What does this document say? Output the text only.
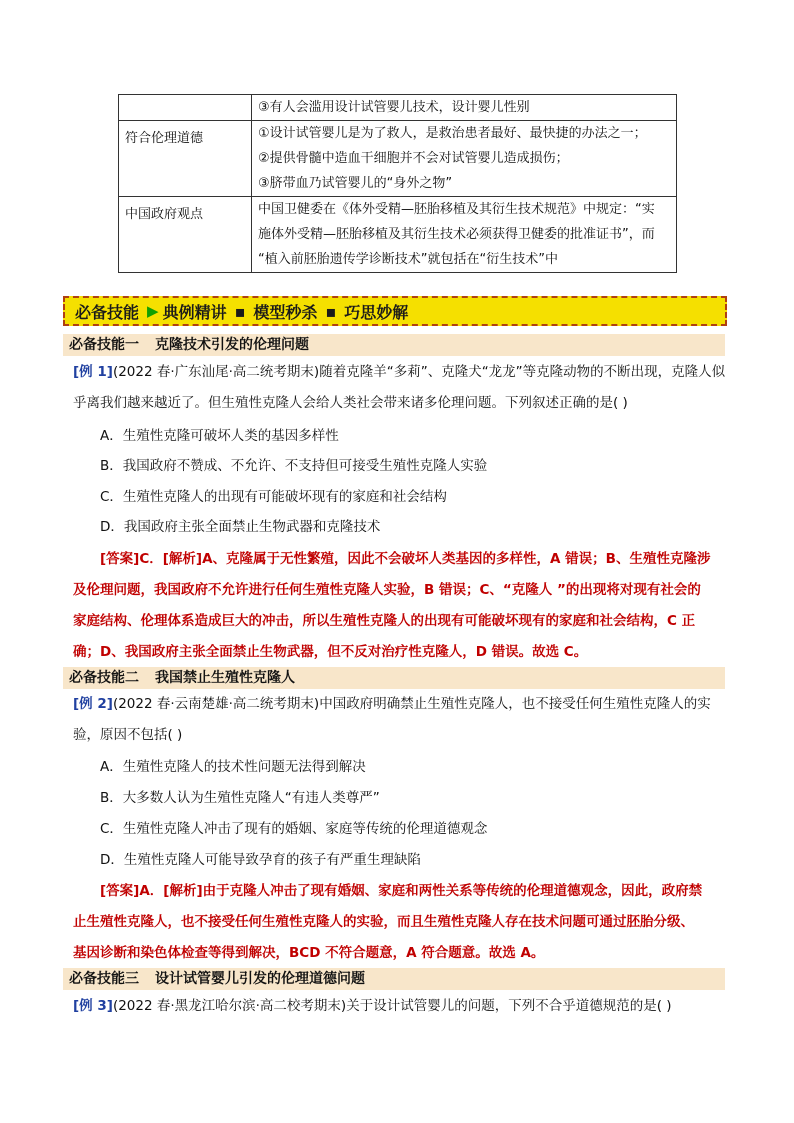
	③有人会滥用设计试管婴儿技术，设计婴儿性别

符合伦理道德	①设计试管婴儿是为了救人，是救治患者最好、最快捷的办法之一；
②提供骨髓中造血干细胞并不会对试管婴儿造成损伤；
③脐带血乃试管婴儿的“身外之物”

中国政府观点	中国卫健委在《体外受精—胚胎移植及其衍生技术规范》中规定：“实
施体外受精—胚胎移植及其衍生技术必须获得卫健委的批准证书”，而
“植入前胚胎遗传学诊断技术”就包括在“衍生技术”中
必备技能 ▶ 典例精讲 ▪ 模型秒杀 ▪ 巧思妙解
必备技能一 克隆技术引发的伦理问题
[例 1](2022 春·广东汕尾·高二统考期末)随着克隆羊“多莉”、克隆犬“龙龙”等克隆动物的不断出现，克隆人似
乎离我们越来越近了。但生殖性克隆人会给人类社会带来诸多伦理问题。下列叙述正确的是( )
A．生殖性克隆可破坏人类的基因多样性
B．我国政府不赞成、不允许、不支持但可接受生殖性克隆人实验
C．生殖性克隆人的出现有可能破坏现有的家庭和社会结构
D．我国政府主张全面禁止生物武器和克隆技术
[答案]C．[解析]A、克隆属于无性繁殖，因此不会破坏人类基因的多样性，A 错误；B、生殖性克隆涉
及伦理问题，我国政府不允许进行任何生殖性克隆人实验，B 错误；C、“克隆人 ”的出现将对现有社会的
家庭结构、伦理体系造成巨大的冲击，所以生殖性克隆人的出现有可能破坏现有的家庭和社会结构，C 正
确；D、我国政府主张全面禁止生物武器，但不反对治疗性克隆人，D 错误。故选 C。
必备技能二 我国禁止生殖性克隆人
[例 2](2022 春·云南楚雄·高二统考期末)中国政府明确禁止生殖性克隆人，也不接受任何生殖性克隆人的实
验，原因不包括( )
A．生殖性克隆人的技术性问题无法得到解决
B．大多数人认为生殖性克隆人“有违人类尊严”
C．生殖性克隆人冲击了现有的婚姻、家庭等传统的伦理道德观念
D．生殖性克隆人可能导致孕育的孩子有严重生理缺陷
[答案]A．[解析]由于克隆人冲击了现有婚姻、家庭和两性关系等传统的伦理道德观念，因此，政府禁
止生殖性克隆人，也不接受任何生殖性克隆人的实验，而且生殖性克隆人存在技术问题可通过胚胎分级、
基因诊断和染色体检查等得到解决，BCD 不符合题意，A 符合题意。故选 A。
必备技能三 设计试管婴儿引发的伦理道德问题
[例 3](2022 春·黑龙江哈尔滨·高二校考期末)关于设计试管婴儿的问题，下列不合乎道德规范的是( )
